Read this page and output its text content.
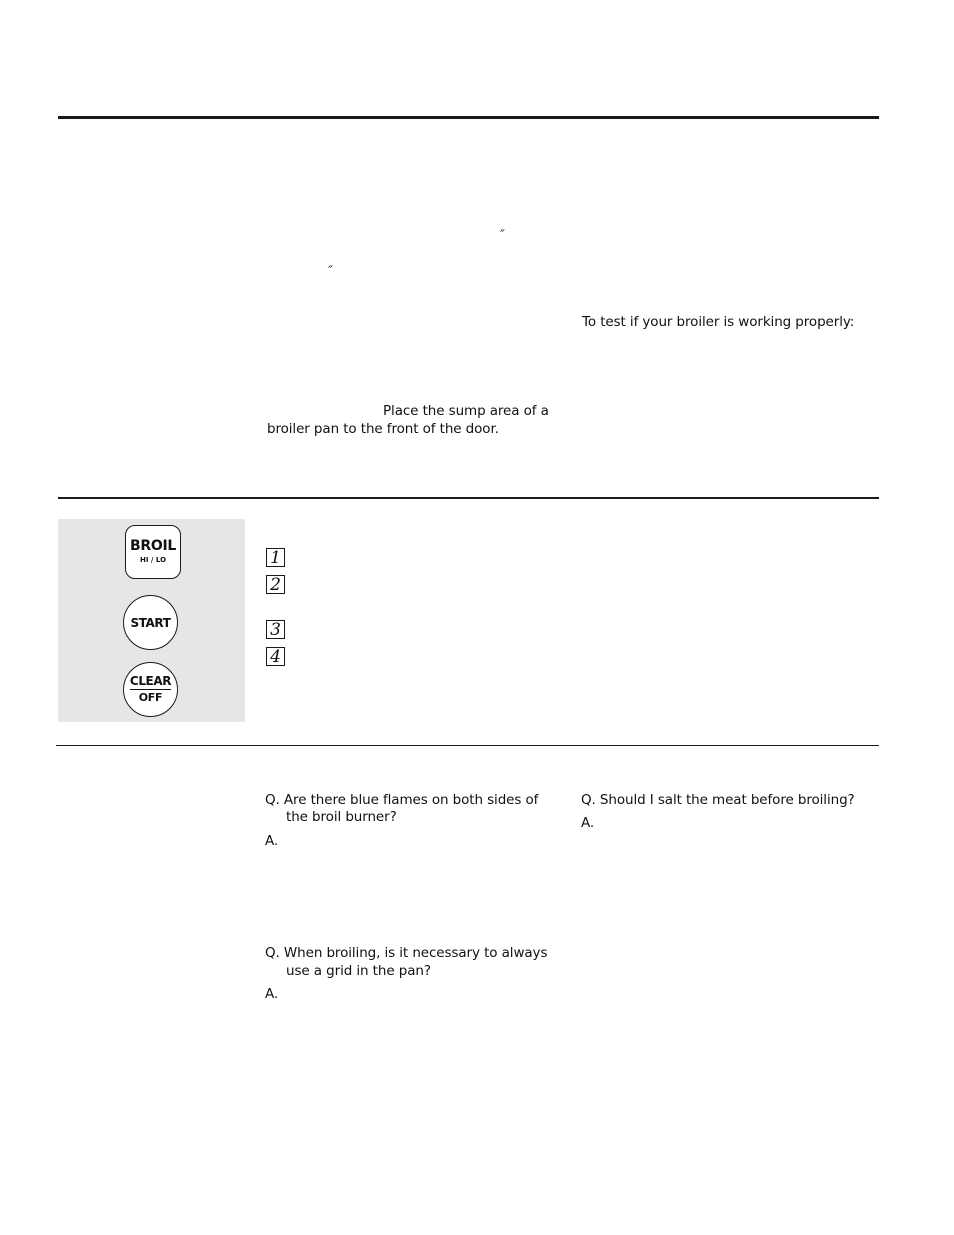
″
″
To test if your broiler is working properly:
Place the sump area of a
broiler pan to the front of the door.
BROIL
HI / LO
START
CLEAR
OFF
1
2
3
4
Q. Are there blue flames on both sides of
the broil burner?
A.
Q. When broiling, is it necessary to always
use a grid in the pan?
A.
Q. Should I salt the meat before broiling?
A.
